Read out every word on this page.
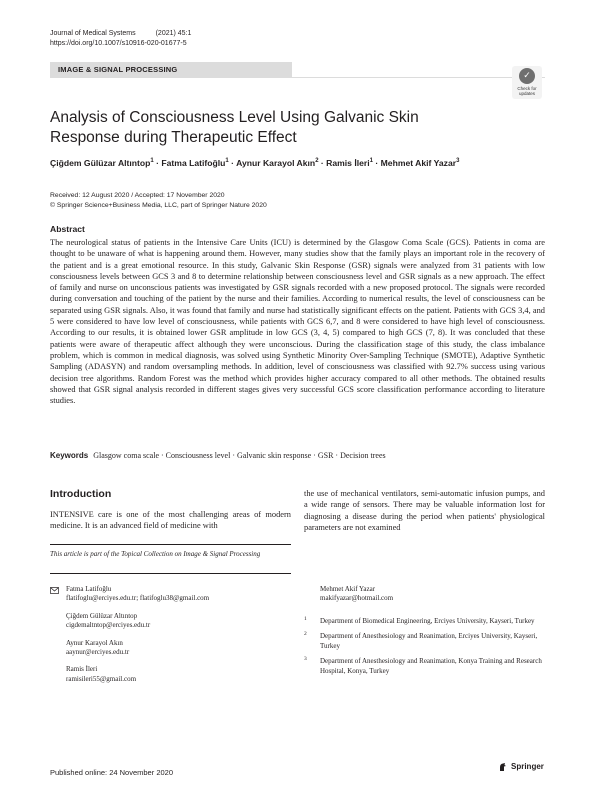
Journal of Medical Systems	(2021) 45:1
https://doi.org/10.1007/s10916-020-01677-5
IMAGE & SIGNAL PROCESSING
✓
Check for
updates
Analysis of Consciousness Level Using Galvanic Skin Response during Therapeutic Effect
Çiğdem Gülüzar Altıntop$^1$ · Fatma Latifoğlu$^1$ · Aynur Karayol Akın$^2$ · Ramis İleri$^1$ · Mehmet Akif Yazar$^3$
Received: 12 August 2020 / Accepted: 17 November 2020
© Springer Science+Business Media, LLC, part of Springer Nature 2020
Abstract
The neurological status of patients in the Intensive Care Units (ICU) is determined by the Glasgow Coma Scale (GCS). Patients in coma are thought to be unaware of what is happening around them. However, many studies show that the family plays an important role in the recovery of the patient and is a great emotional resource. In this study, Galvanic Skin Response (GSR) signals were analyzed from 31 patients with low consciousness levels between GCS 3 and 8 to determine relationship between consciousness level and GSR signals as a new approach. The effect of family and nurse on unconscious patients was investigated by GSR signals recorded with a new proposed protocol. The signals were recorded during conversation and touching of the patient by the nurse and their families. According to numerical results, the level of consciousness can be separated using GSR signals. Also, it was found that family and nurse had statistically significant effects on the patient. Patients with GCS 3,4, and 5 were considered to have low level of consciousness, while patients with GCS 6,7, and 8 were considered to have high level of consciousness. According to our results, it is obtained lower GSR amplitude in low GCS (3, 4, 5) compared to high GCS (7, 8). It was concluded that these patients were aware of therapeutic affect although they were unconscious. During the classification stage of this study, the class imbalance problem, which is common in medical diagnosis, was solved using Synthetic Minority Over-Sampling Technique (SMOTE), Adaptive Synthetic Sampling (ADASYN) and random oversampling methods. In addition, level of consciousness was classified with 92.7% success using various decision tree algorithms. Random Forest was the method which provides higher accuracy compared to all other methods. The obtained results showed that GSR signal analysis recorded in different stages gives very successful GCS score classification performance according to literature studies.
Keywords Glasgow coma scale · Consciousness level · Galvanic skin response · GSR · Decision trees
Introduction
INTENSIVE care is one of the most challenging areas of modern medicine. It is an advanced field of medicine with
the use of mechanical ventilators, semi-automatic infusion pumps, and a wide range of sensors. There may be valuable information lost for diagnosing a disease during the period when patients' physiological parameters are not examined
This article is part of the Topical Collection on Image & Signal Processing
Fatma Latifoğlu
flatifoglu@erciyes.edu.tr; flatifoglu38@gmail.com
Çiğdem Gülüzar Altıntop
cigdemaltntop@erciyes.edu.tr
Aynur Karayol Akın
aaynur@erciyes.edu.tr
Ramis İleri
ramisileri55@gmail.com
Mehmet Akif Yazar
makifyazar@hotmail.com
1 Department of Biomedical Engineering, Erciyes University, Kayseri, Turkey
2 Department of Anesthesiology and Reanimation, Erciyes University, Kayseri, Turkey
3 Department of Anesthesiology and Reanimation, Konya Training and Research Hospital, Konya, Turkey
Published online: 24 November 2020
Springer
